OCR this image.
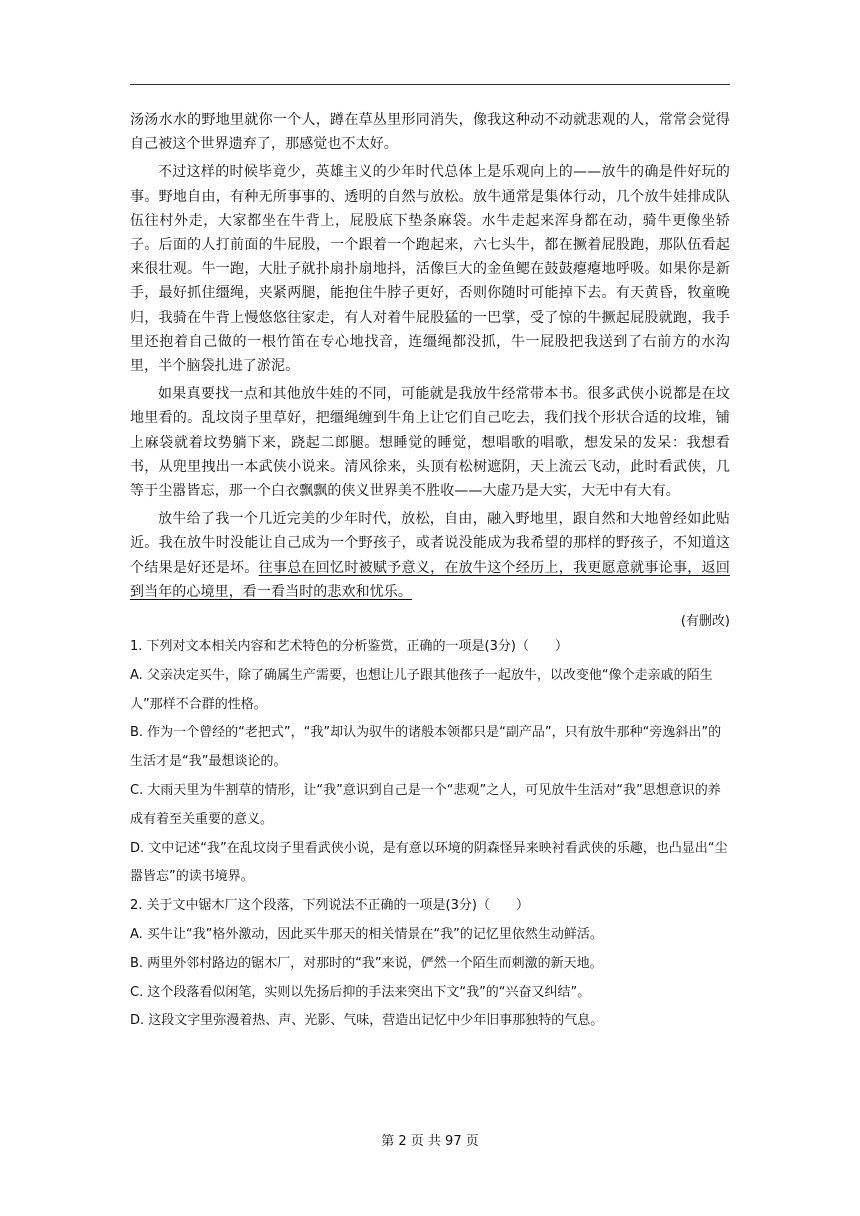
汤汤水水的野地里就你一个人，蹲在草丛里形同消失，像我这种动不动就悲观的人，常常会觉得自己被这个世界遗弃了，那感觉也不太好。

不过这样的时候毕竟少，英雄主义的少年时代总体上是乐观向上的——放牛的确是件好玩的事。野地自由，有种无所事事的、透明的自然与放松。放牛通常是集体行动，几个放牛娃排成队伍往村外走，大家都坐在牛背上，屁股底下垫条麻袋。水牛走起来浑身都在动，骑牛更像坐轿子。后面的人打前面的牛屁股，一个跟着一个跑起来，六七头牛，都在撅着屁股跑，那队伍看起来很壮观。牛一跑，大肚子就扑扇扑扇地抖，活像巨大的金鱼鳃在鼓鼓瘪瘪地呼吸。如果你是新手，最好抓住缰绳，夹紧两腿，能抱住牛脖子更好，否则你随时可能掉下去。有天黄昏，牧童晚归，我骑在牛背上慢悠悠往家走，有人对着牛屁股猛的一巴掌，受了惊的牛撅起屁股就跑，我手里还抱着自己做的一根竹笛在专心地找音，连缰绳都没抓，牛一屁股把我送到了右前方的水沟里，半个脑袋扎进了淤泥。

如果真要找一点和其他放牛娃的不同，可能就是我放牛经常带本书。很多武侠小说都是在坟地里看的。乱坟岗子里草好，把缰绳缠到牛角上让它们自己吃去，我们找个形状合适的坟堆，铺上麻袋就着坟势躺下来，跷起二郎腿。想睡觉的睡觉，想唱歌的唱歌，想发呆的发呆：我想看书，从兜里拽出一本武侠小说来。清风徐来，头顶有松树遮阴，天上流云飞动，此时看武侠，几等于尘嚣皆忘，那一个白衣飘飘的侠义世界美不胜收——大虚乃是大实，大无中有大有。

放牛给了我一个几近完美的少年时代，放松，自由，融入野地里，跟自然和大地曾经如此贴近。我在放牛时没能让自己成为一个野孩子，或者说没能成为我希望的那样的野孩子，不知道这个结果是好还是坏。往事总在回忆时被赋予意义，在放牛这个经历上，我更愿意就事论事，返回到当年的心境里，看一看当时的悲欢和忧乐。

(有删改)

1. 下列对文本相关内容和艺术特色的分析鉴赏，正确的一项是(3分)（　　）

A. 父亲决定买牛，除了确属生产需要，也想让儿子跟其他孩子一起放牛，以改变他“像个走亲戚的陌生人”那样不合群的性格。

B. 作为一个曾经的“老把式”，“我”却认为驭牛的诸般本领都只是“副产品”，只有放牛那种“旁逸斜出”的生活才是“我”最想谈论的。

C. 大雨天里为牛割草的情形，让“我”意识到自己是一个“悲观”之人，可见放牛生活对“我”思想意识的养成有着至关重要的意义。

D. 文中记述“我”在乱坟岗子里看武侠小说，是有意以环境的阴森怪异来映衬看武侠的乐趣，也凸显出“尘嚣皆忘”的读书境界。

2. 关于文中锯木厂这个段落，下列说法不正确的一项是(3分)（　　）

A. 买牛让“我”格外激动，因此买牛那天的相关情景在“我”的记忆里依然生动鲜活。

B. 两里外邻村路边的锯木厂，对那时的“我”来说，俨然一个陌生而刺激的新天地。

C. 这个段落看似闲笔，实则以先扬后抑的手法来突出下文“我”的“兴奋又纠结”。

D. 这段文字里弥漫着热、声、光影、气味，营造出记忆中少年旧事那独特的气息。

第 2 页 共 97 页
